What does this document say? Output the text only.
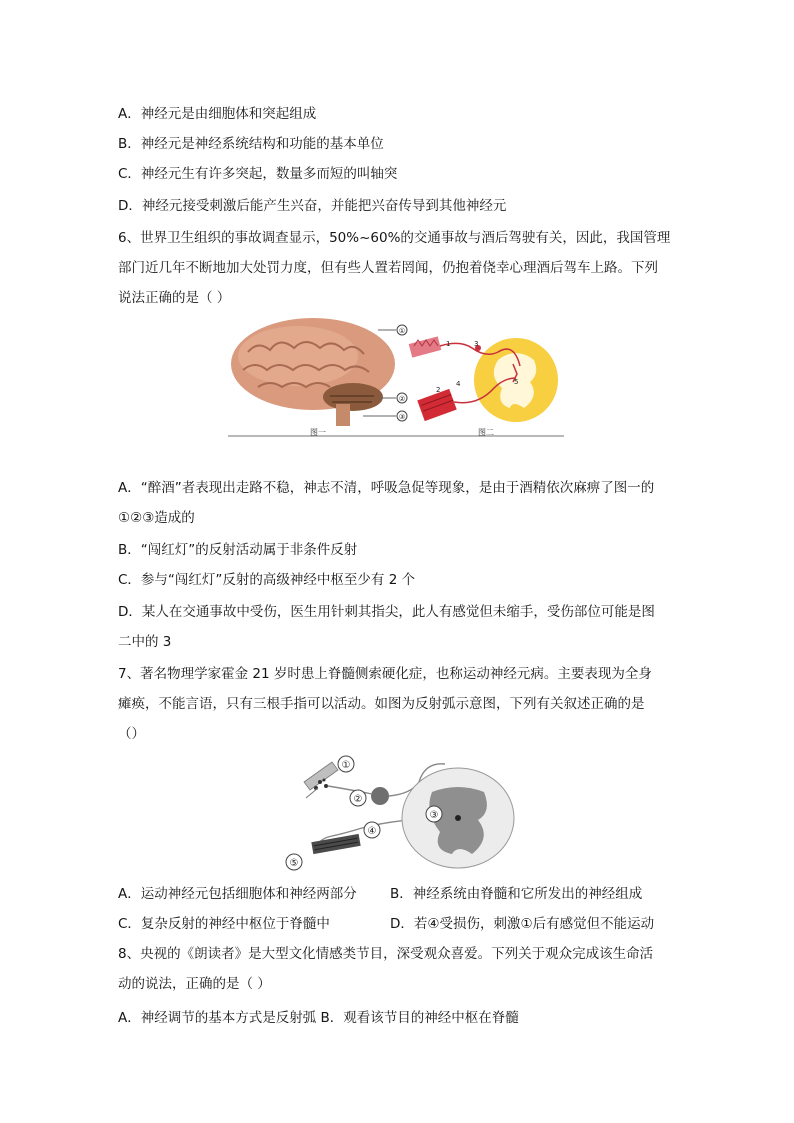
A．神经元是由细胞体和突起组成
B．神经元是神经系统结构和功能的基本单位
C．神经元生有许多突起，数量多而短的叫轴突
D．神经元接受刺激后能产生兴奋，并能把兴奋传导到其他神经元
6、世界卫生组织的事故调查显示，50%~60%的交通事故与酒后驾驶有关，因此，我国管理
部门近几年不断地加大处罚力度，但有些人置若罔闻，仍抱着侥幸心理酒后驾车上路。下列
说法正确的是（ ）
①
②
③
1
2
3
4	5
图一	图二
A．“醉酒”者表现出走路不稳，神志不清，呼吸急促等现象，是由于酒精依次麻痹了图一的
①②③造成的
B．“闯红灯”的反射活动属于非条件反射
C．参与“闯红灯”反射的高级神经中枢至少有 2 个
D．某人在交通事故中受伤，医生用针刺其指尖，此人有感觉但未缩手，受伤部位可能是图
二中的 3
7、著名物理学家霍金 21 岁时患上脊髓侧索硬化症，也称运动神经元病。主要表现为全身
瘫痪，不能言语，只有三根手指可以活动。如图为反射弧示意图，下列有关叙述正确的是
（）
①
②
③
④
⑤
A．运动神经元包括细胞体和神经两部分 B．神经系统由脊髓和它所发出的神经组成
C．复杂反射的神经中枢位于脊髓中	D．若④受损伤，刺激①后有感觉但不能运动
8、央视的《朗读者》是大型文化情感类节目，深受观众喜爱。下列关于观众完成该生命活
动的说法，正确的是（ ）
A．神经调节的基本方式是反射弧 B．观看该节目的神经中枢在脊髓
